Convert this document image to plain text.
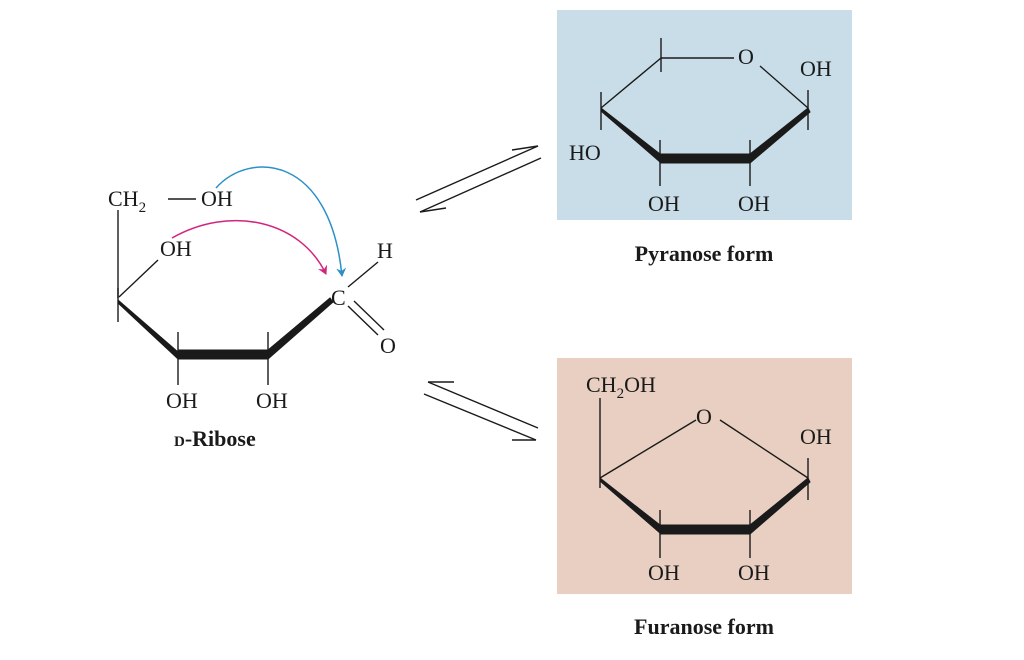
$CH_2$ OH
OH
OH	OH
C
H
O
D-Ribose
O OH
HO
OH	OH
Pyranose form
$CH_2OH$
O
OH
OH	OH
Furanose form
